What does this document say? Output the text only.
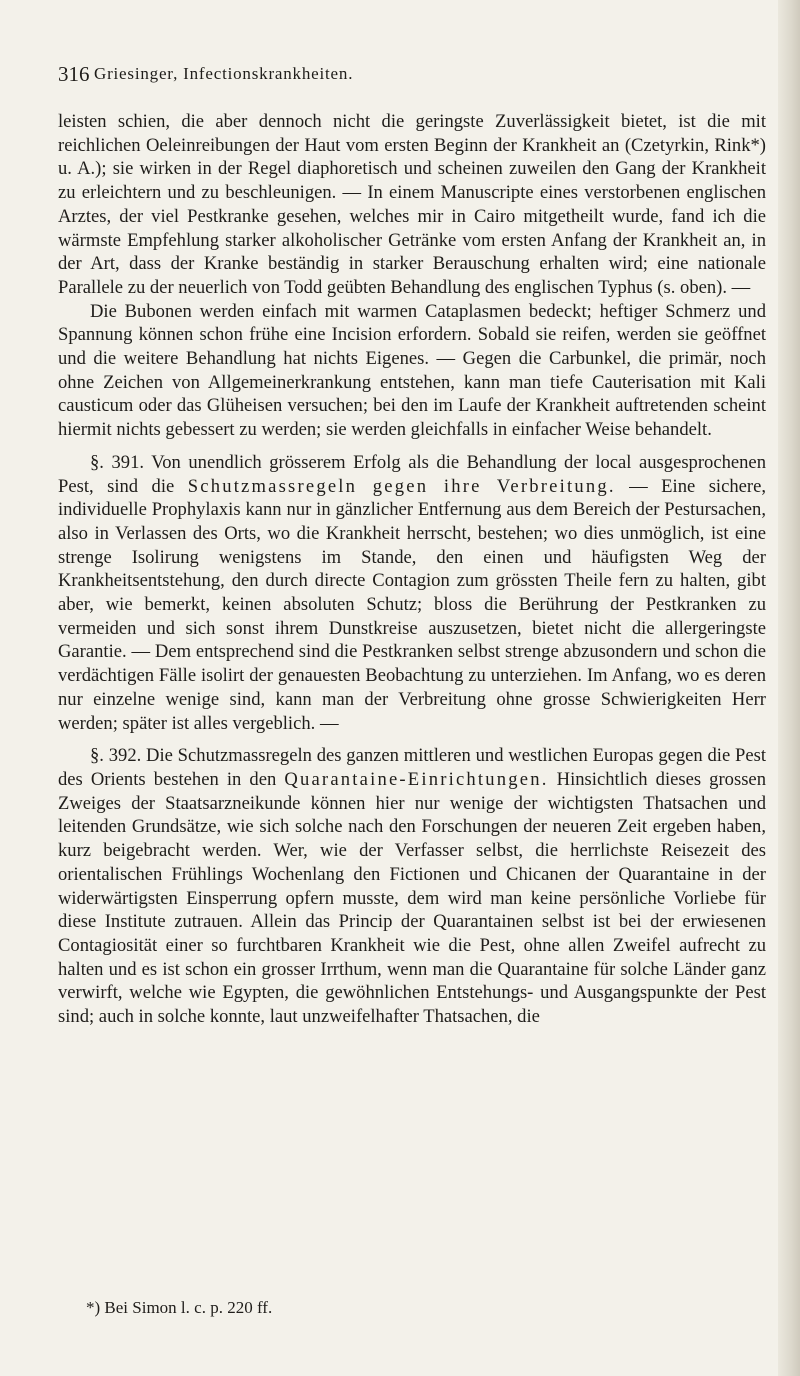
316 Griesinger, Infectionskrankheiten.

leisten schien, die aber dennoch nicht die geringste Zuverlässigkeit bietet, ist die mit reichlichen Oeleinreibungen der Haut vom ersten Beginn der Krankheit an (Czetyrkin, Rink*) u. A.); sie wirken in der Regel diaphoretisch und scheinen zuweilen den Gang der Krankheit zu erleichtern und zu beschleunigen. — In einem Manuscripte eines verstorbenen englischen Arztes, der viel Pestkranke gesehen, welches mir in Cairo mitgetheilt wurde, fand ich die wärmste Empfehlung starker alkoholischer Getränke vom ersten Anfang der Krankheit an, in der Art, dass der Kranke beständig in starker Berauschung erhalten wird; eine nationale Parallele zu der neuerlich von Todd geübten Behandlung des englischen Typhus (s. oben). —

Die Bubonen werden einfach mit warmen Cataplasmen bedeckt; heftiger Schmerz und Spannung können schon frühe eine Incision erfordern. Sobald sie reifen, werden sie geöffnet und die weitere Behandlung hat nichts Eigenes. — Gegen die Carbunkel, die primär, noch ohne Zeichen von Allgemeinerkrankung entstehen, kann man tiefe Cauterisation mit Kali causticum oder das Glüheisen versuchen; bei den im Laufe der Krankheit auftretenden scheint hiermit nichts gebessert zu werden; sie werden gleichfalls in einfacher Weise behandelt.

§. 391. Von unendlich grösserem Erfolg als die Behandlung der local ausgesprochenen Pest, sind die Schutzmassregeln gegen ihre Verbreitung. — Eine sichere, individuelle Prophylaxis kann nur in gänzlicher Entfernung aus dem Bereich der Pestursachen, also in Verlassen des Orts, wo die Krankheit herrscht, bestehen; wo dies unmöglich, ist eine strenge Isolirung wenigstens im Stande, den einen und häufigsten Weg der Krankheitsentstehung, den durch directe Contagion zum grössten Theile fern zu halten, gibt aber, wie bemerkt, keinen absoluten Schutz; bloss die Berührung der Pestkranken zu vermeiden und sich sonst ihrem Dunstkreise auszusetzen, bietet nicht die allergeringste Garantie. — Dem entsprechend sind die Pestkranken selbst strenge abzusondern und schon die verdächtigen Fälle isolirt der genauesten Beobachtung zu unterziehen. Im Anfang, wo es deren nur einzelne wenige sind, kann man der Verbreitung ohne grosse Schwierigkeiten Herr werden; später ist alles vergeblich. —

§. 392. Die Schutzmassregeln des ganzen mittleren und westlichen Europas gegen die Pest des Orients bestehen in den Quarantaine-Einrichtungen. Hinsichtlich dieses grossen Zweiges der Staatsarzneikunde können hier nur wenige der wichtigsten Thatsachen und leitenden Grundsätze, wie sich solche nach den Forschungen der neueren Zeit ergeben haben, kurz beigebracht werden. Wer, wie der Verfasser selbst, die herrlichste Reisezeit des orientalischen Frühlings Wochenlang den Fictionen und Chicanen der Quarantaine in der widerwärtigsten Einsperrung opfern musste, dem wird man keine persönliche Vorliebe für diese Institute zutrauen. Allein das Princip der Quarantainen selbst ist bei der erwiesenen Contagiosität einer so furchtbaren Krankheit wie die Pest, ohne allen Zweifel aufrecht zu halten und es ist schon ein grosser Irrthum, wenn man die Quarantaine für solche Länder ganz verwirft, welche wie Egypten, die gewöhnlichen Entstehungs- und Ausgangspunkte der Pest sind; auch in solche konnte, laut unzweifelhafter Thatsachen, die

*) Bei Simon l. c. p. 220 ff.
